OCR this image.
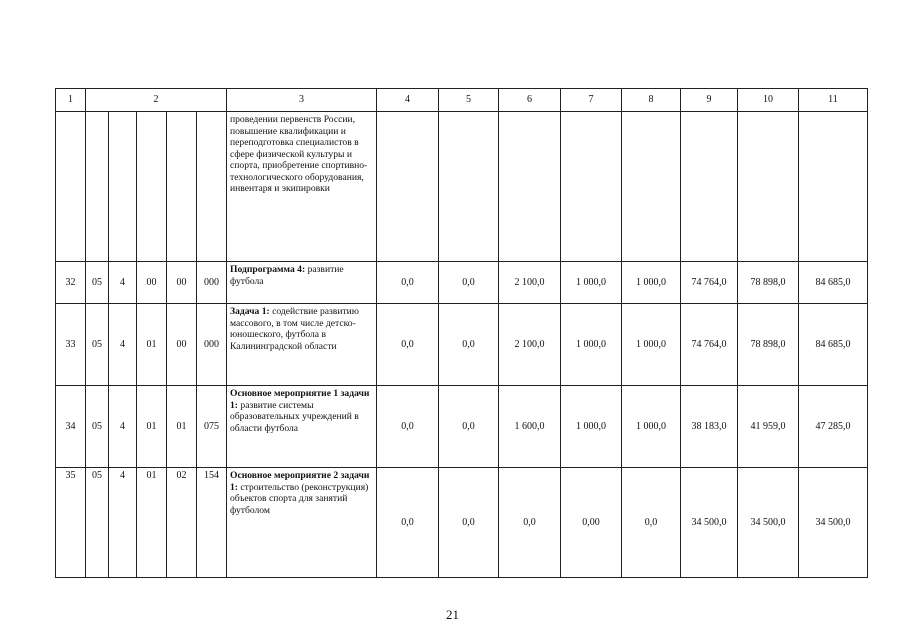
1	2					3	4	5	6	7	8	9	10	11
						проведении первенств России, повышение квалификации и переподготовка специалистов в сфере физической культуры и спорта, приобретение спортивно-технологического оборудования, инвентаря и экипировки								
32	05	4	00	00	000	Подпрограмма 4: развитие футбола	0,0	0,0	2 100,0	1 000,0	1 000,0	74 764,0	78 898,0	84 685,0
33	05	4	01	00	000	Задача 1: содействие развитию массового, в том числе детско-юношеского, футбола в Калининградской области	0,0	0,0	2 100,0	1 000,0	1 000,0	74 764,0	78 898,0	84 685,0
34	05	4	01	01	075	Основное мероприятие 1 задачи 1: развитие системы образовательных учреждений в области футбола	0,0	0,0	1 600,0	1 000,0	1 000,0	38 183,0	41 959,0	47 285,0
35	05	4	01	02	154	Основное мероприятие 2 задачи 1: строительство (реконструкция) объектов спорта для занятий футболом	0,0	0,0	0,0	0,00	0,0	34 500,0	34 500,0	34 500,0
21
